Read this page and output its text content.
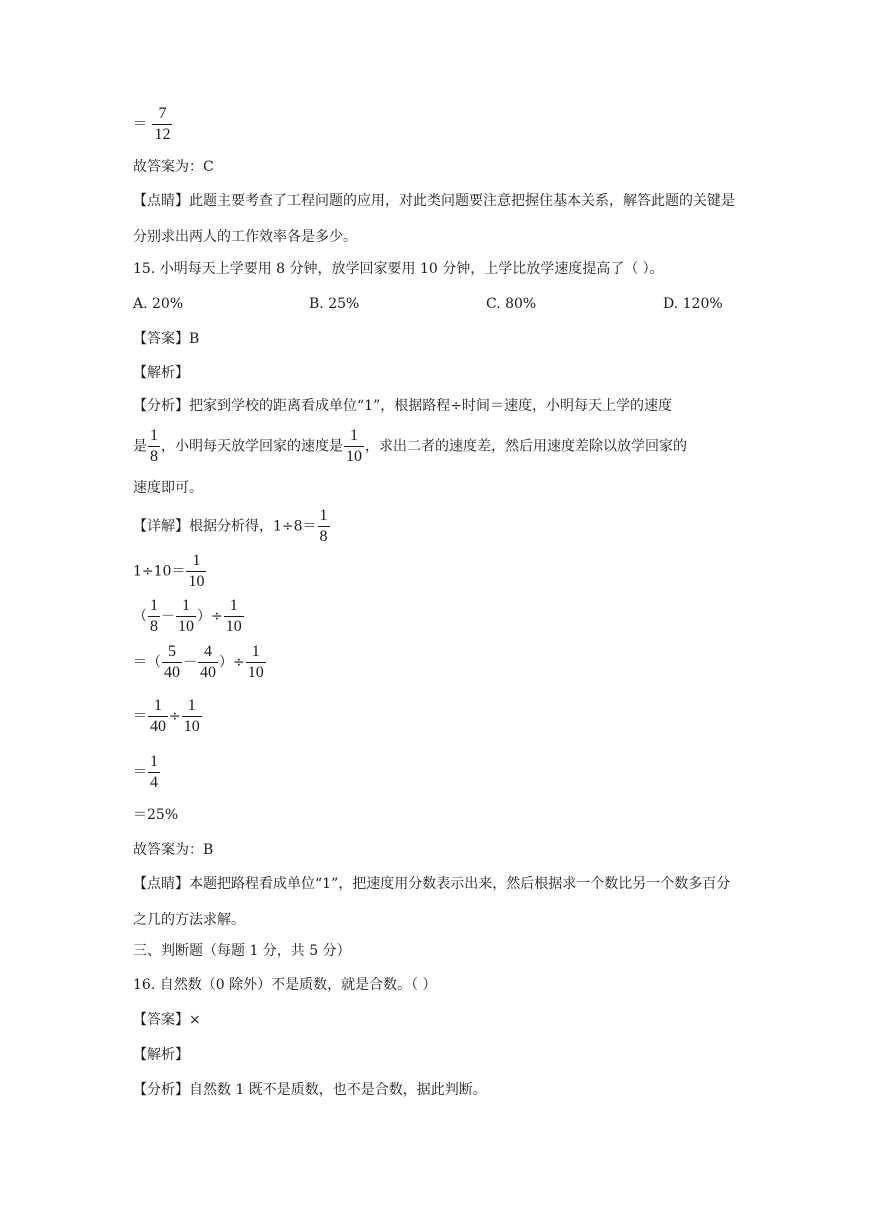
＝ $\frac{7}{12}$
故答案为：C
【点睛】此题主要考查了工程问题的应用，对此类问题要注意把握住基本关系，解答此题的关键是分别求出两人的工作效率各是多少。
15. 小明每天上学要用 8 分钟，放学回家要用 10 分钟，上学比放学速度提高了（ ）。
A. 20%	B. 25%	C. 80%	D. 120%
【答案】B
【解析】
【分析】把家到学校的距离看成单位“1”，根据路程÷时间＝速度，小明每天上学的速度
是 $\frac{1}{8}$ ，小明每天放学回家的速度是 $\frac{1}{10}$ ，求出二者的速度差，然后用速度差除以放学回家的
速度即可。
【详解】根据分析得，$1\div 8= \frac{1}{8}$
$1\div 10= \frac{1}{10}$
（ $\frac{1}{8} - \frac{1}{10}$ ）÷ $\frac{1}{10}$
＝（ $\frac{5}{40} - \frac{4}{40}$ ）÷ $\frac{1}{10}$
＝ $\frac{1}{40} \div \frac{1}{10}$
＝ $\frac{1}{4}$
＝25%
故答案为：B
【点睛】本题把路程看成单位“1”，把速度用分数表示出来，然后根据求一个数比另一个数多百分之几的方法求解。
三、判断题（每题 1 分，共 5 分）
16. 自然数（0 除外）不是质数，就是合数。（ ）
【答案】×
【解析】
【分析】自然数 1 既不是质数，也不是合数，据此判断。
